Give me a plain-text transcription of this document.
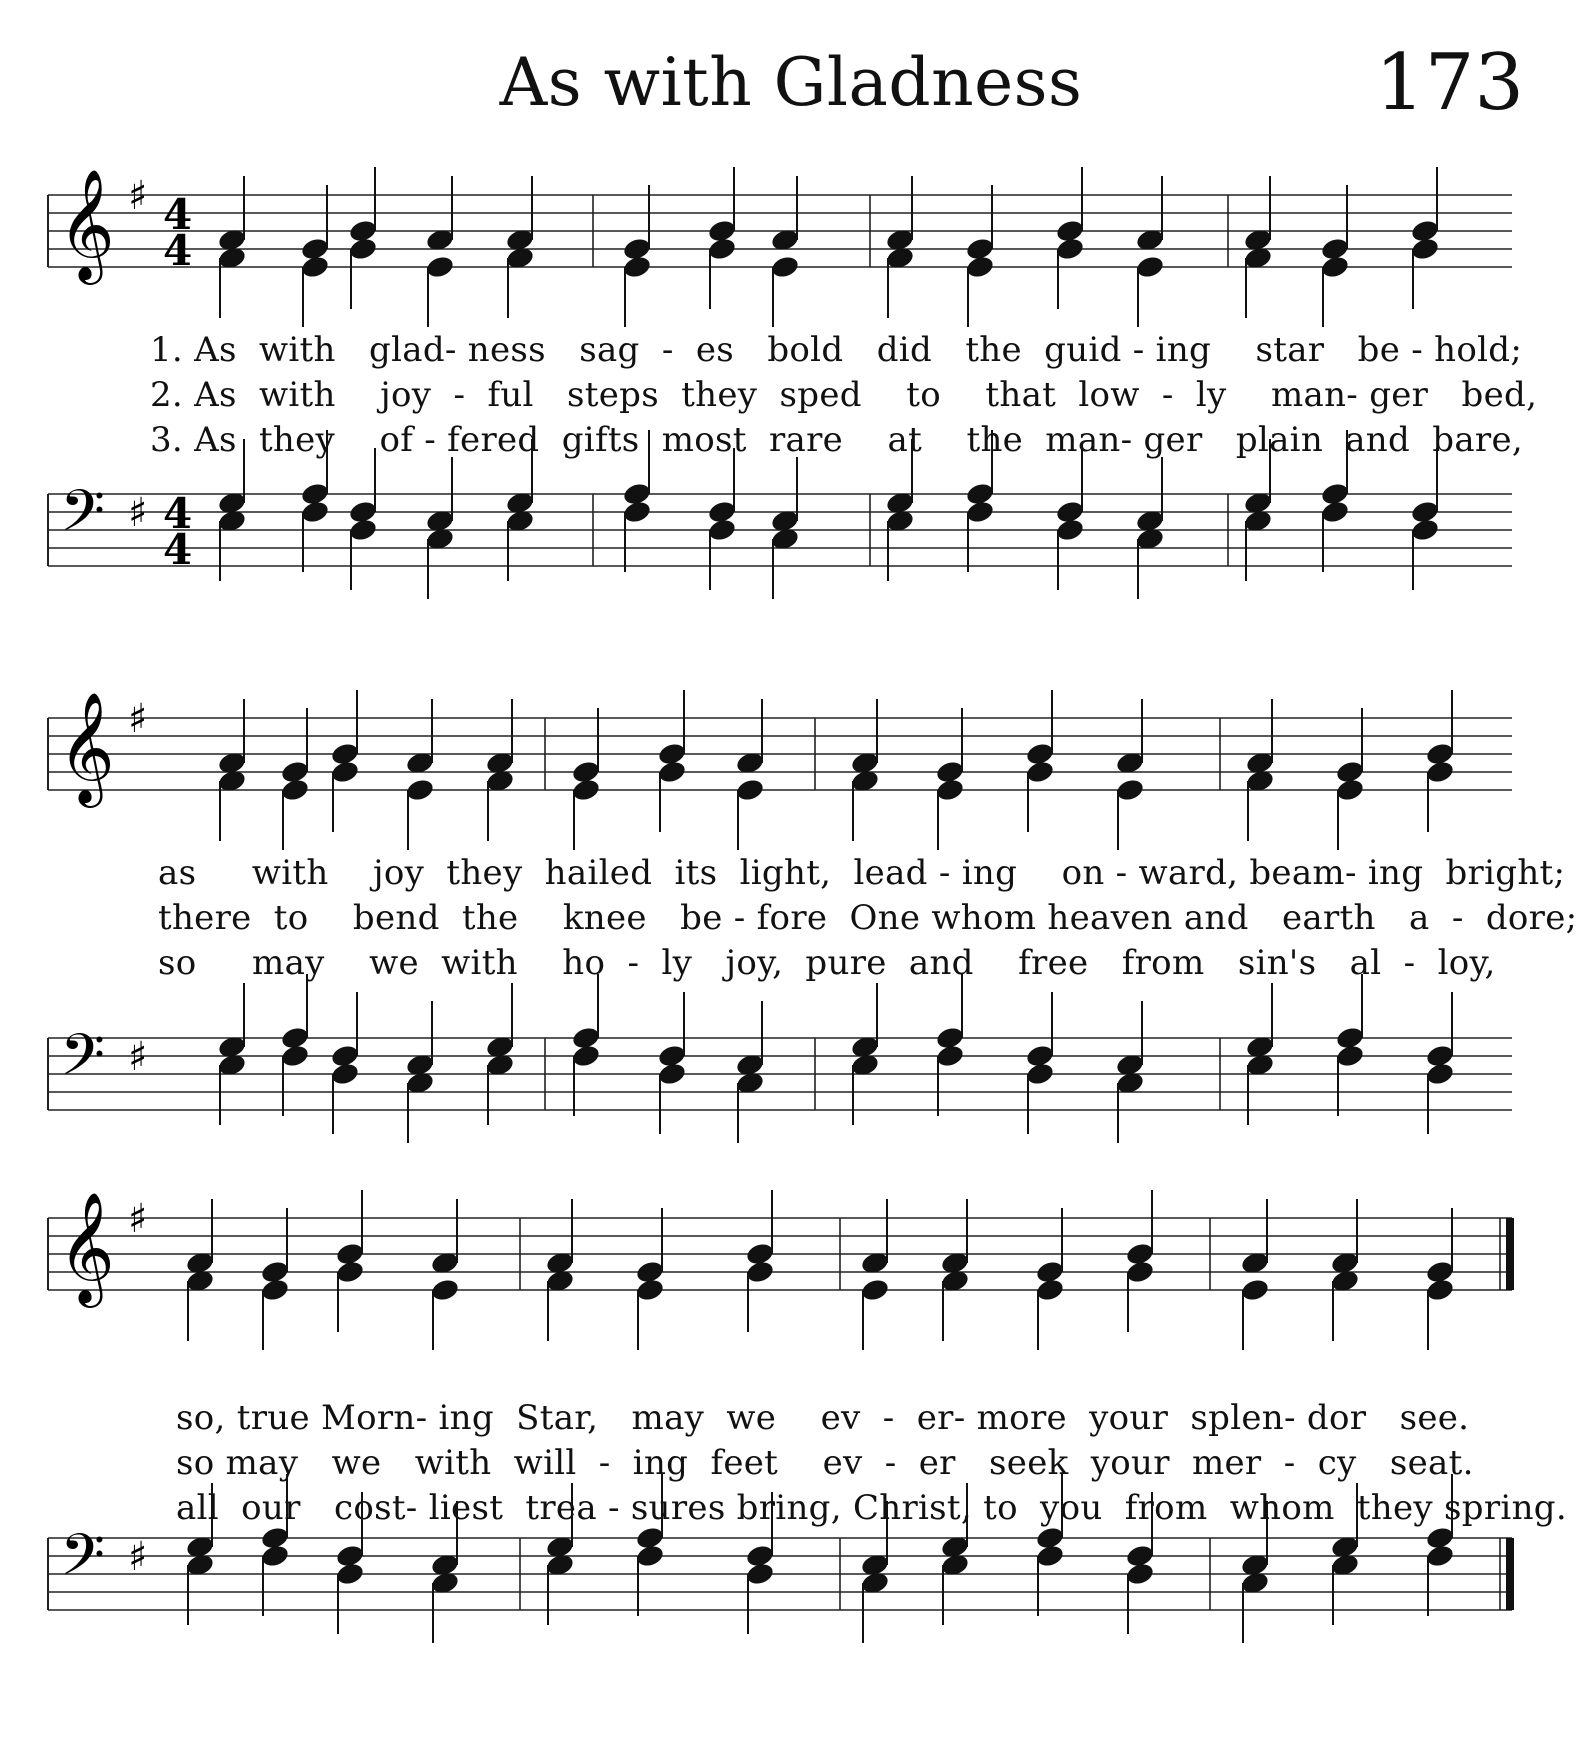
As with Gladness	173
𝄞 ♯ 4
4
𝄢 ♯ 4
4
𝄞 ♯
𝄢 ♯
𝄞 ♯
𝄢 ♯
1. As  with   glad- ness   sag  -  es   bold   did   the  guid - ing    star   be - hold;
2. As  with    joy  -  ful   steps  they  sped    to    that  low  -  ly    man- ger   bed,
3. As  they    of - fered  gifts  most  rare    at    the  man- ger   plain  and  bare,
as     with    joy  they  hailed  its  light,  lead - ing    on - ward, beam- ing  bright;
there  to    bend  the    knee   be - fore  One whom heaven and   earth   a  -  dore;
so     may    we  with    ho  -  ly   joy,  pure  and    free   from   sin's   al  -  loy,
so, true Morn- ing  Star,   may  we    ev  -  er- more  your  splen- dor   see.
so may   we   with  will  -  ing  feet    ev  -  er   seek  your  mer  -  cy   seat.
all  our   cost- liest  trea - sures bring, Christ, to  you  from  whom  they spring.
